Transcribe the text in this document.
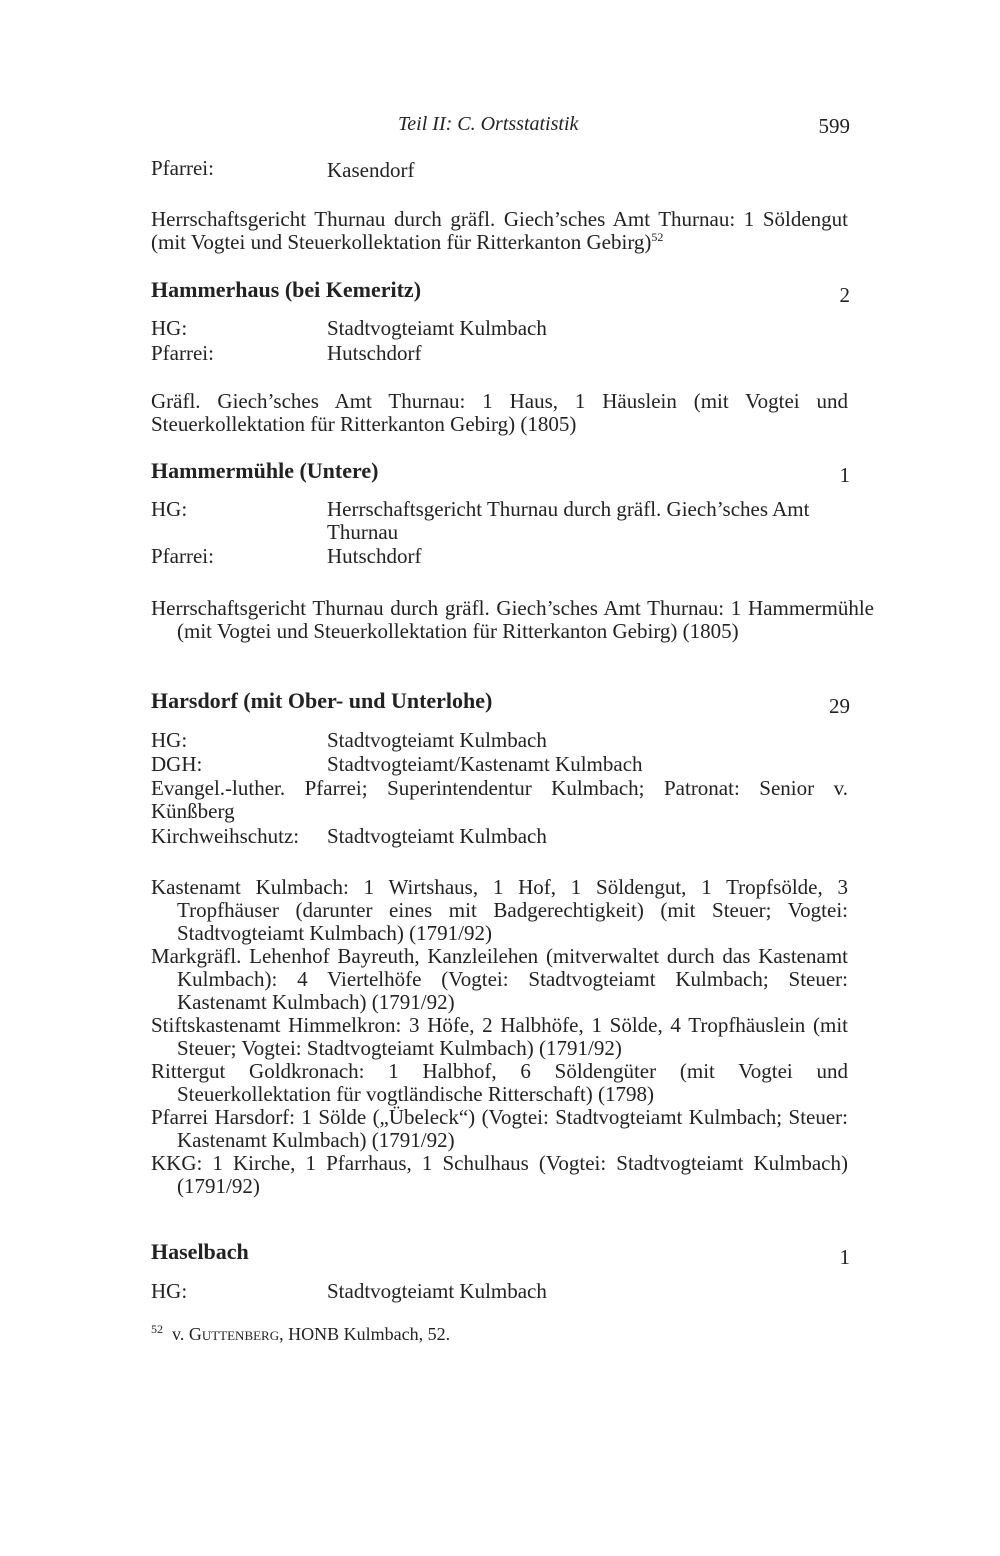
Teil II: C. Ortsstatistik	599
Pfarrei:	Kasendorf
Herrschaftsgericht Thurnau durch gräfl. Giech’sches Amt Thurnau: 1 Söldengut (mit Vogtei und Steuerkollektation für Ritterkanton Gebirg)$^{52}$
Hammerhaus (bei Kemeritz)	2
HG:	Stadtvogteiamt Kulmbach
Pfarrei:	Hutschdorf
Gräfl. Giech’sches Amt Thurnau: 1 Haus, 1 Häuslein (mit Vogtei und Steuerkollektation für Ritterkanton Gebirg) (1805)
Hammermühle (Untere)	1
HG:	Herrschaftsgericht Thurnau durch gräfl. Giech’sches Amt Thurnau
Pfarrei:	Hutschdorf
Herrschaftsgericht Thurnau durch gräfl. Giech’sches Amt Thurnau: 1 Hammermühle (mit Vogtei und Steuerkollektation für Ritterkanton Gebirg) (1805)
Harsdorf (mit Ober- und Unterlohe)	29
HG:	Stadtvogteiamt Kulmbach
DGH:	Stadtvogteiamt/Kastenamt Kulmbach
Evangel.-luther. Pfarrei; Superintendentur Kulmbach; Patronat: Senior v. Künßberg
Kirchweihschutz: Stadtvogteiamt Kulmbach

Kastenamt Kulmbach: 1 Wirtshaus, 1 Hof, 1 Söldengut, 1 Tropfsölde, 3 Tropfhäuser (darunter eines mit Badgerechtigkeit) (mit Steuer; Vogtei: Stadtvogteiamt Kulmbach) (1791/92)

Markgräfl. Lehenhof Bayreuth, Kanzleilehen (mitverwaltet durch das Kastenamt Kulmbach): 4 Viertelhöfe (Vogtei: Stadtvogteiamt Kulmbach; Steuer: Kastenamt Kulmbach) (1791/92)

Stiftskastenamt Himmelkron: 3 Höfe, 2 Halbhöfe, 1 Sölde, 4 Tropfhäuslein (mit Steuer; Vogtei: Stadtvogteiamt Kulmbach) (1791/92)

Rittergut Goldkronach: 1 Halbhof, 6 Söldengüter (mit Vogtei und Steuerkollektation für vogtländische Ritterschaft) (1798)

Pfarrei Harsdorf: 1 Sölde („Übeleck“) (Vogtei: Stadtvogteiamt Kulmbach; Steuer: Kastenamt Kulmbach) (1791/92)

KKG: 1 Kirche, 1 Pfarrhaus, 1 Schulhaus (Vogtei: Stadtvogteiamt Kulmbach) (1791/92)

Haselbach	1
HG:	Stadtvogteiamt Kulmbach
$^{52}$ v. Guttenberg, HONB Kulmbach, 52.
